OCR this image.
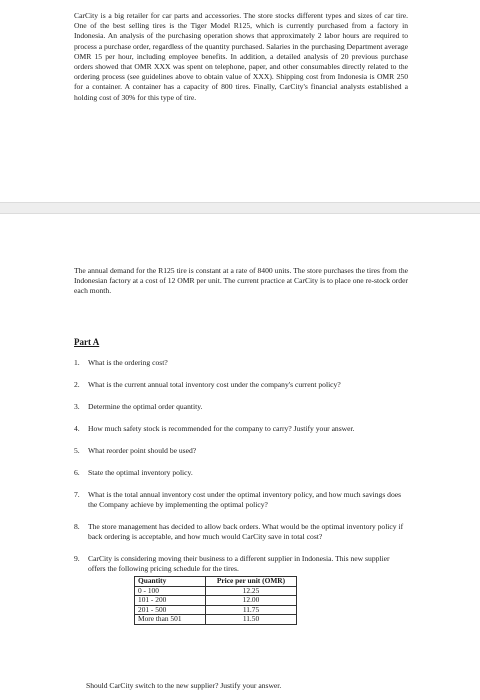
CarCity is a big retailer for car parts and accessories. The store stocks different types and sizes of car tire. One of the best selling tires is the Tiger Model R125, which is currently purchased from a factory in Indonesia. An analysis of the purchasing operation shows that approximately 2 labor hours are required to process a purchase order, regardless of the quantity purchased. Salaries in the purchasing Department average OMR 15 per hour, including employee benefits. In addition, a detailed analysis of 20 previous purchase orders showed that OMR XXX was spent on telephone, paper, and other consumables directly related to the ordering process (see guidelines above to obtain value of XXX). Shipping cost from Indonesia is OMR 250 for a container. A container has a capacity of 800 tires. Finally, CarCity's financial analysts established a holding cost of 30% for this type of tire.

The annual demand for the R125 tire is constant at a rate of 8400 units. The store purchases the tires from the Indonesian factory at a cost of 12 OMR per unit. The current practice at CarCity is to place one re-stock order each month.

Part A

1. What is the ordering cost?
2. What is the current annual total inventory cost under the company's current policy?
3. Determine the optimal order quantity.
4. How much safety stock is recommended for the company to carry? Justify your answer.
5. What reorder point should be used?
6. State the optimal inventory policy.
7. What is the total annual inventory cost under the optimal inventory policy, and how much savings does the Company achieve by implementing the optimal policy?
8. The store management has decided to allow back orders. What would be the optimal inventory policy if back ordering is acceptable, and how much would CarCity save in total cost?
9. CarCity is considering moving their business to a different supplier in Indonesia. This new supplier offers the following pricing schedule for the tires.
Quantity	Price per unit (OMR)
0 - 100	12.25
101 - 200	12.00
201 - 500	11.75
More than 501	11.50

Should CarCity switch to the new supplier? Justify your answer.
